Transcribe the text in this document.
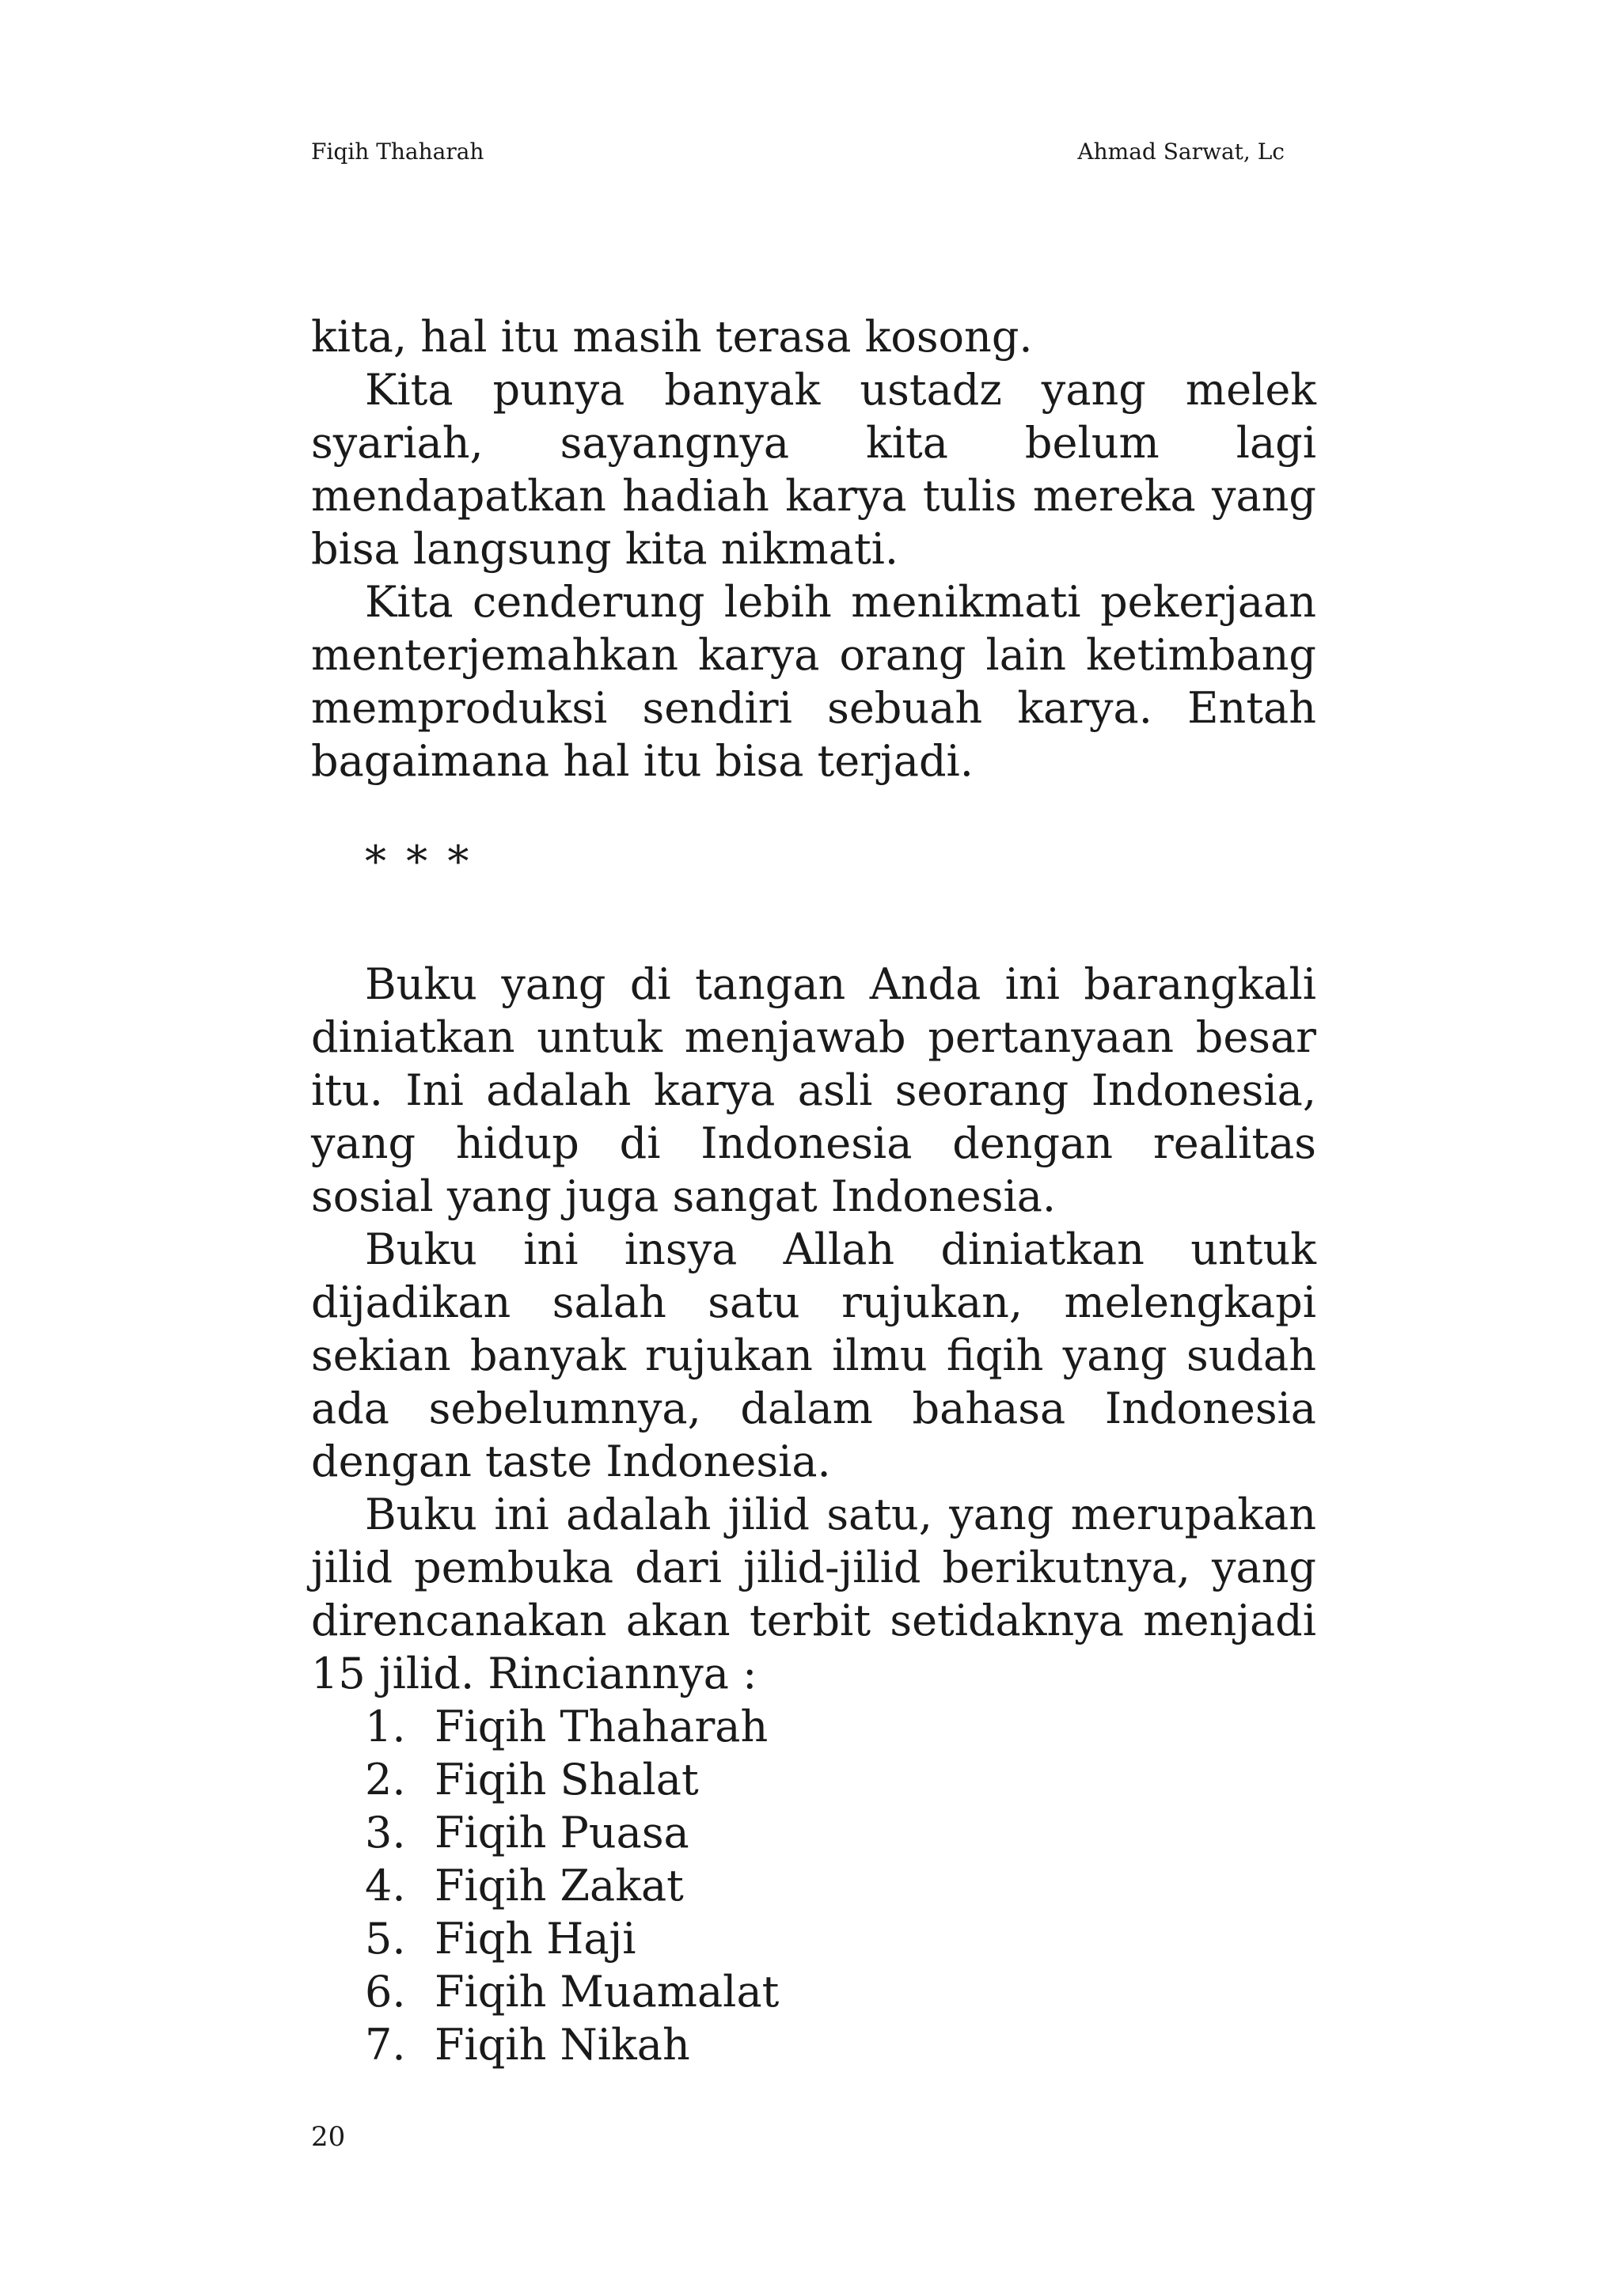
Fiqih Thaharah	Ahmad Sarwat, Lc

kita, hal itu masih terasa kosong.

Kita punya banyak ustadz yang melek syariah, sayangnya kita belum lagi mendapatkan hadiah karya tulis mereka yang bisa langsung kita nikmati.

Kita cenderung lebih menikmati pekerjaan menterjemahkan karya orang lain ketimbang memproduksi sendiri sebuah karya. Entah bagaimana hal itu bisa terjadi.

* * *

Buku yang di tangan Anda ini barangkali diniatkan untuk menjawab pertanyaan besar itu. Ini adalah karya asli seorang Indonesia, yang hidup di Indonesia dengan realitas sosial yang juga sangat Indonesia.

Buku ini insya Allah diniatkan untuk dijadikan salah satu rujukan, melengkapi sekian banyak rujukan ilmu fiqih yang sudah ada sebelumnya, dalam bahasa Indonesia dengan taste Indonesia.

Buku ini adalah jilid satu, yang merupakan jilid pembuka dari jilid-jilid berikutnya, yang direncanakan akan terbit setidaknya menjadi 15 jilid. Rinciannya :

1. Fiqih Thaharah
2. Fiqih Shalat
3. Fiqih Puasa
4. Fiqih Zakat
5. Fiqh Haji
6. Fiqih Muamalat
7. Fiqih Nikah
20
